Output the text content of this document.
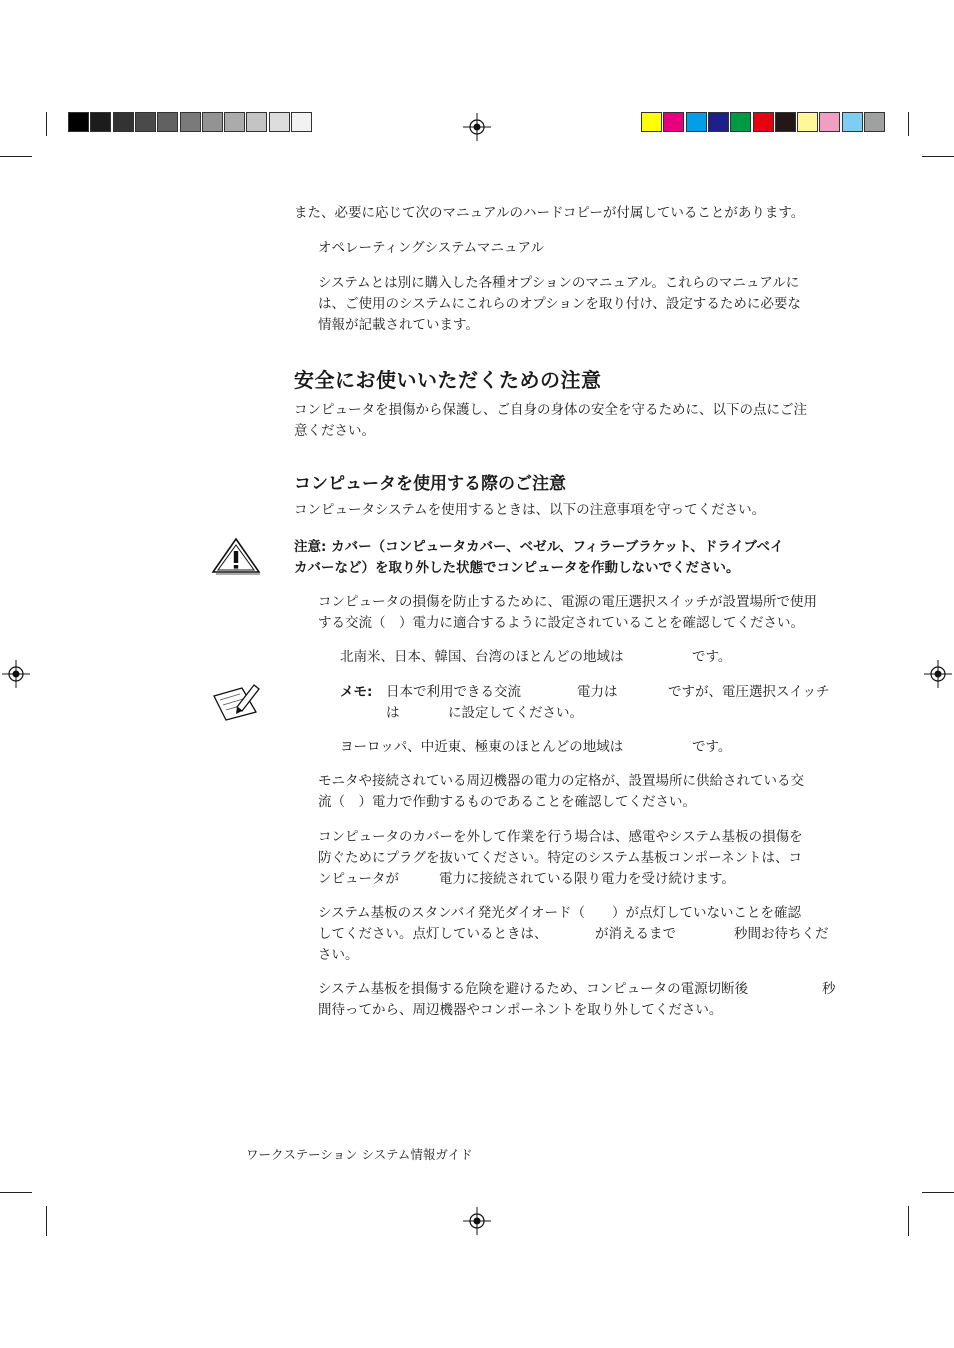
また、必要に応じて次のマニュアルのハードコピーが付属していることがあります。
オペレーティングシステムマニュアル
システムとは別に購入した各種オプションのマニュアル。これらのマニュアルに
は、ご使用のシステムにこれらのオプションを取り付け、設定するために必要な
情報が記載されています。
安全にお使いいただくための注意
コンピュータを損傷から保護し、ご自身の身体の安全を守るために、以下の点にご注
意ください。
コンピュータを使用する際のご注意
コンピュータシステムを使用するときは、以下の注意事項を守ってください。
注意: カバー（コンピュータカバー、ベゼル、フィラーブラケット、ドライブベイ
カバーなど）を取り外した状態でコンピュータを作動しないでください。
コンピュータの損傷を防止するために、電源の電圧選択スイッチが設置場所で使用
する交流（　）電力に適合するように設定されていることを確認してください。
北南米、日本、韓国、台湾のほとんどの地域は	です。
メモ: 日本で利用できる交流	電力は	ですが、電圧選択スイッチ
は	に設定してください。
ヨーロッパ、中近東、極東のほとんどの地域は	です。
モニタや接続されている周辺機器の電力の定格が、設置場所に供給されている交
流（　）電力で作動するものであることを確認してください。
コンピュータのカバーを外して作業を行う場合は、感電やシステム基板の損傷を
防ぐためにプラグを抜いてください。特定のシステム基板コンポーネントは、コ
ンピュータが	電力に接続されている限り電力を受け続けます。
システム基板のスタンバイ発光ダイオード（　　）が点灯していないことを確認
してください。点灯しているときは、	が消えるまで	秒間お待ちくだ
さい。
システム基板を損傷する危険を避けるため、コンピュータの電源切断後	秒
間待ってから、周辺機器やコンポーネントを取り外してください。
ワークステーション システム情報ガイド
